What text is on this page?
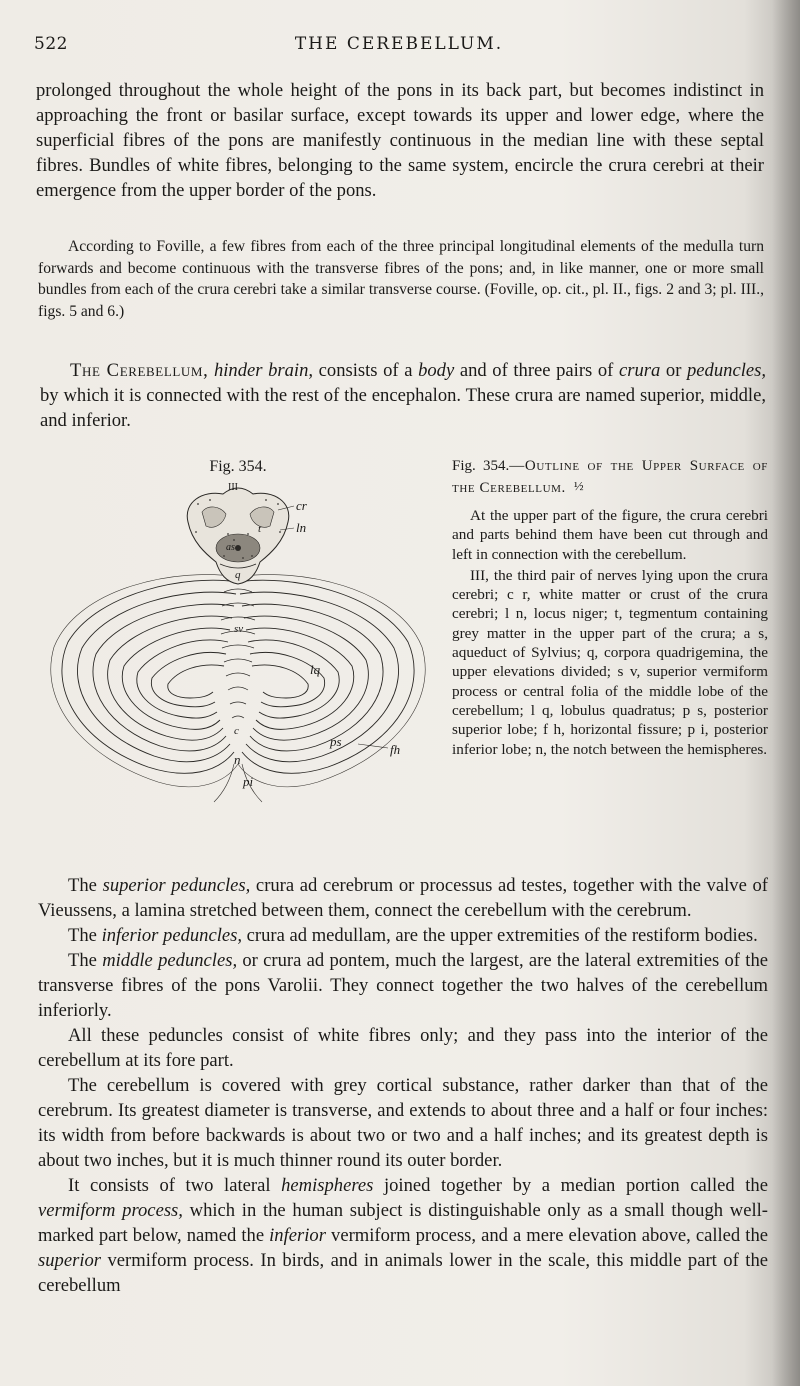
522	THE CEREBELLUM.

prolonged throughout the whole height of the pons in its back part, but becomes indistinct in approaching the front or basilar surface, except towards its upper and lower edge, where the superficial fibres of the pons are manifestly continuous in the median line with these septal fibres. Bundles of white fibres, belonging to the same system, encircle the crura cerebri at their emergence from the upper border of the pons.

According to Foville, a few fibres from each of the three principal longitudinal elements of the medulla turn forwards and become continuous with the transverse fibres of the pons; and, in like manner, one or more small bundles from each of the crura cerebri take a similar transverse course. (Foville, op. cit., pl. II., figs. 2 and 3; pl. III., figs. 5 and 6.)

The Cerebellum, hinder brain, consists of a body and of three pairs of crura or peduncles, by which it is connected with the rest of the encephalon. These crura are named superior, middle, and inferior.

Fig. 354.
III
cr
ln
t
as
q
sv
lq
c
ps
fh
n
pi

Fig. 354.—Outline of the Upper Surface of the Cerebellum. ½

At the upper part of the figure, the crura cerebri and parts behind them have been cut through and left in connection with the cerebellum.

III, the third pair of nerves lying upon the crura cerebri; c r, white matter or crust of the crura cerebri; l n, locus niger; t, tegmentum containing grey matter in the upper part of the crura; a s, aqueduct of Sylvius; q, corpora quadrigemina, the upper elevations divided; s v, superior vermiform process or central folia of the middle lobe of the cerebellum; l q, lobulus quadratus; p s, posterior superior lobe; f h, horizontal fissure; p i, posterior inferior lobe; n, the notch between the hemispheres.

The superior peduncles, crura ad cerebrum or processus ad testes, together with the valve of Vieussens, a lamina stretched between them, connect the cerebellum with the cerebrum.

The inferior peduncles, crura ad medullam, are the upper extremities of the restiform bodies.

The middle peduncles, or crura ad pontem, much the largest, are the lateral extremities of the transverse fibres of the pons Varolii. They connect together the two halves of the cerebellum inferiorly.

All these peduncles consist of white fibres only; and they pass into the interior of the cerebellum at its fore part.

The cerebellum is covered with grey cortical substance, rather darker than that of the cerebrum. Its greatest diameter is transverse, and extends to about three and a half or four inches: its width from before backwards is about two or two and a half inches; and its greatest depth is about two inches, but it is much thinner round its outer border.

It consists of two lateral hemispheres joined together by a median portion called the vermiform process, which in the human subject is distinguishable only as a small though well-marked part below, named the inferior vermiform process, and a mere elevation above, called the superior vermiform process. In birds, and in animals lower in the scale, this middle part of the cerebellum
